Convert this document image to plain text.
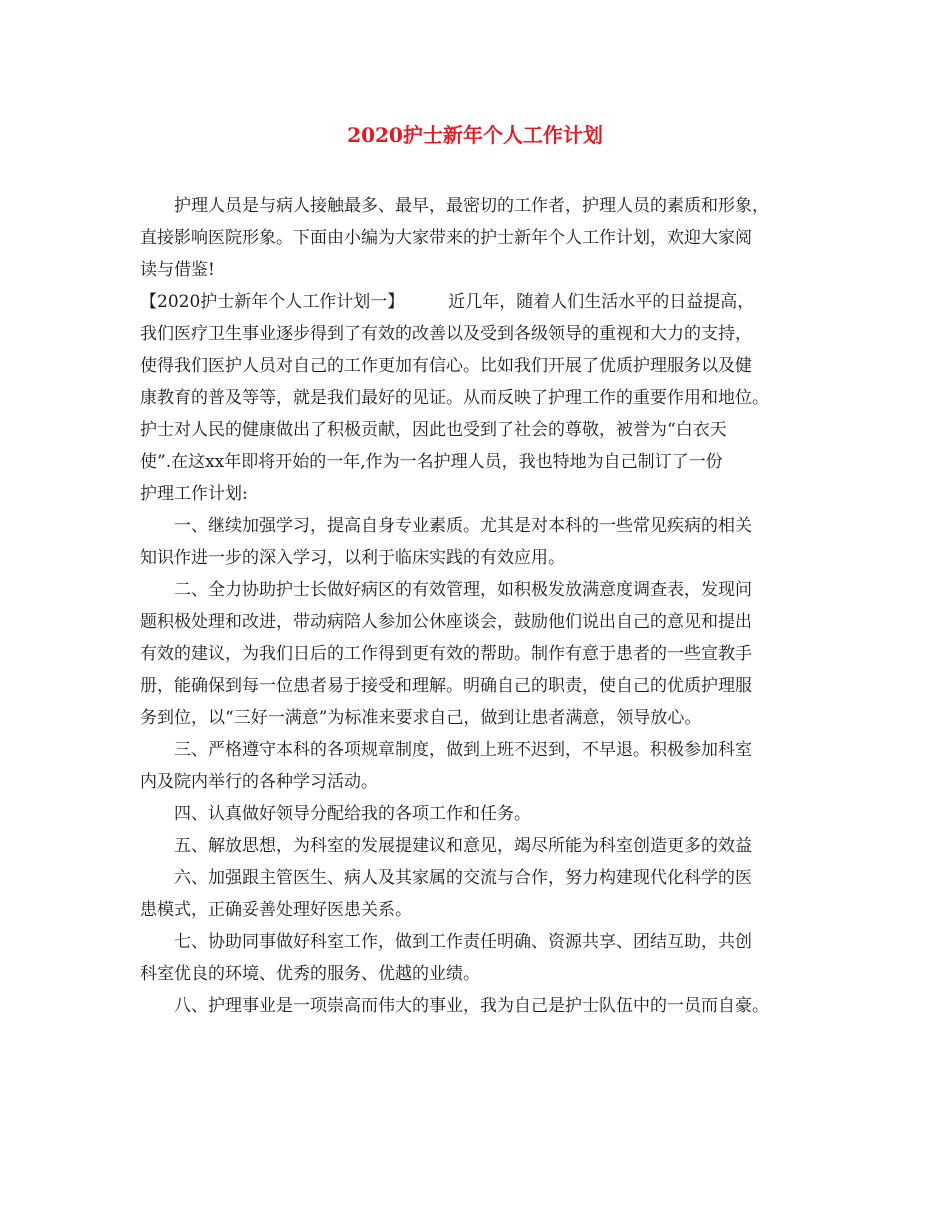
2020护士新年个人工作计划
护理人员是与病人接触最多、最早，最密切的工作者，护理人员的素质和形象，
直接影响医院形象。下面由小编为大家带来的护士新年个人工作计划，欢迎大家阅
读与借鉴!
【2020护士新年个人工作计划一】	近几年，随着人们生活水平的日益提高，
我们医疗卫生事业逐步得到了有效的改善以及受到各级领导的重视和大力的支持，
使得我们医护人员对自己的工作更加有信心。比如我们开展了优质护理服务以及健
康教育的普及等等，就是我们最好的见证。从而反映了护理工作的重要作用和地位。
护士对人民的健康做出了积极贡献，因此也受到了社会的尊敬，被誉为“白衣天
使”.在这xx年即将开始的一年,作为一名护理人员，我也特地为自己制订了一份
护理工作计划:
一、继续加强学习，提高自身专业素质。尤其是对本科的一些常见疾病的相关
知识作进一步的深入学习，以利于临床实践的有效应用。
二、全力协助护士长做好病区的有效管理，如积极发放满意度调查表，发现问
题积极处理和改进，带动病陪人参加公休座谈会，鼓励他们说出自己的意见和提出
有效的建议，为我们日后的工作得到更有效的帮助。制作有意于患者的一些宣教手
册，能确保到每一位患者易于接受和理解。明确自己的职责，使自己的优质护理服
务到位，以“三好一满意”为标准来要求自己，做到让患者满意，领导放心。
三、严格遵守本科的各项规章制度，做到上班不迟到，不早退。积极参加科室
内及院内举行的各种学习活动。
四、认真做好领导分配给我的各项工作和任务。
五、解放思想，为科室的发展提建议和意见，竭尽所能为科室创造更多的效益
六、加强跟主管医生、病人及其家属的交流与合作，努力构建现代化科学的医
患模式，正确妥善处理好医患关系。
七、协助同事做好科室工作，做到工作责任明确、资源共享、团结互助，共创
科室优良的环境、优秀的服务、优越的业绩。
八、护理事业是一项崇高而伟大的事业，我为自己是护士队伍中的一员而自豪。
